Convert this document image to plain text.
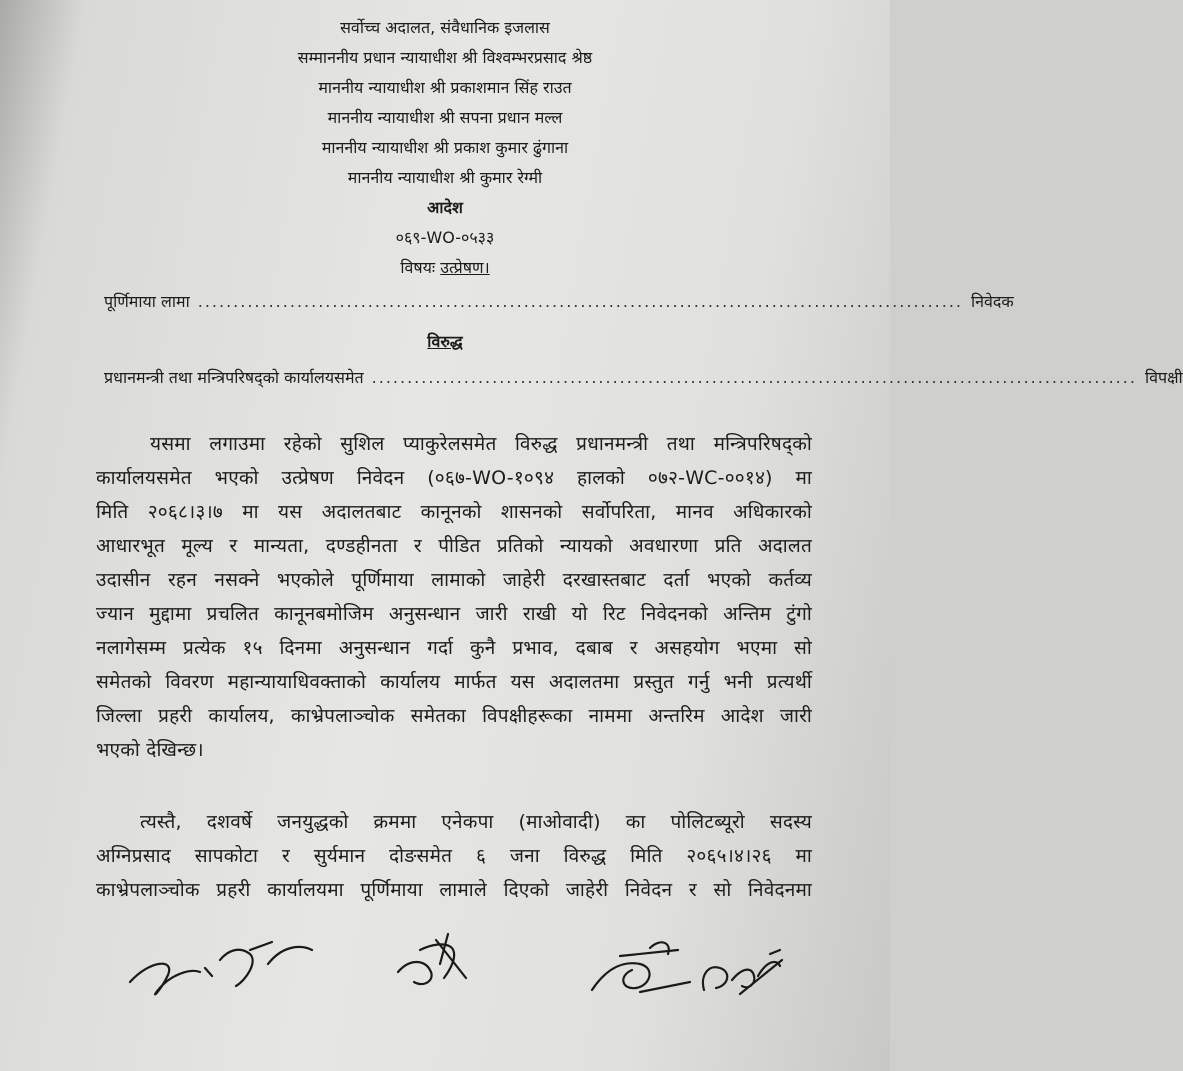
सर्वोच्च अदालत, संवैधानिक इजलास
सम्माननीय प्रधान न्यायाधीश श्री विश्वम्भरप्रसाद श्रेष्ठ
माननीय न्यायाधीश श्री प्रकाशमान सिंह राउत
माननीय न्यायाधीश श्री सपना प्रधान मल्ल
माननीय न्यायाधीश श्री प्रकाश कुमार ढुंगाना
माननीय न्यायाधीश श्री कुमार रेग्मी
आदेश
०६९-WO-०५३३
विषयः उत्प्रेषण।
पूर्णिमाया लामा ............................................................................................................ निवेदक
विरुद्ध
प्रधानमन्त्री तथा मन्त्रिपरिषद्को कार्यालयसमेत ............................................................................................................ विपक्षी
यसमा लगाउमा रहेको सुशिल प्याकुरेलसमेत विरुद्ध प्रधानमन्त्री तथा मन्त्रिपरिषद्को
कार्यालयसमेत भएको उत्प्रेषण निवेदन (०६७-WO-१०९४ हालको ०७२-WC-००१४) मा
मिति २०६८।३।७ मा यस अदालतबाट कानूनको शासनको सर्वोपरिता, मानव अधिकारको
आधारभूत मूल्य र मान्यता, दण्डहीनता र पीडित प्रतिको न्यायको अवधारणा प्रति अदालत
उदासीन रहन नसक्ने भएकोले पूर्णिमाया लामाको जाहेरी दरखास्तबाट दर्ता भएको कर्तव्य
ज्यान मुद्दामा प्रचलित कानूनबमोजिम अनुसन्धान जारी राखी यो रिट निवेदनको अन्तिम टुंगो
नलागेसम्म प्रत्येक १५ दिनमा अनुसन्धान गर्दा कुनै प्रभाव, दबाब र असहयोग भएमा सो
समेतको विवरण महान्यायाधिवक्ताको कार्यालय मार्फत यस अदालतमा प्रस्तुत गर्नु भनी प्रत्यर्थी
जिल्ला प्रहरी कार्यालय, काभ्रेपलाञ्चोक समेतका विपक्षीहरूका नाममा अन्तरिम आदेश जारी
भएको देखिन्छ।
त्यस्तै, दशवर्षे जनयुद्धको क्रममा एनेकपा (माओवादी) का पोलिटब्यूरो सदस्य
अग्निप्रसाद सापकोटा र सुर्यमान दोङसमेत ६ जना विरुद्ध मिति २०६५।४।२६ मा
काभ्रेपलाञ्चोक प्रहरी कार्यालयमा पूर्णिमाया लामाले दिएको जाहेरी निवेदन र सो निवेदनमा
